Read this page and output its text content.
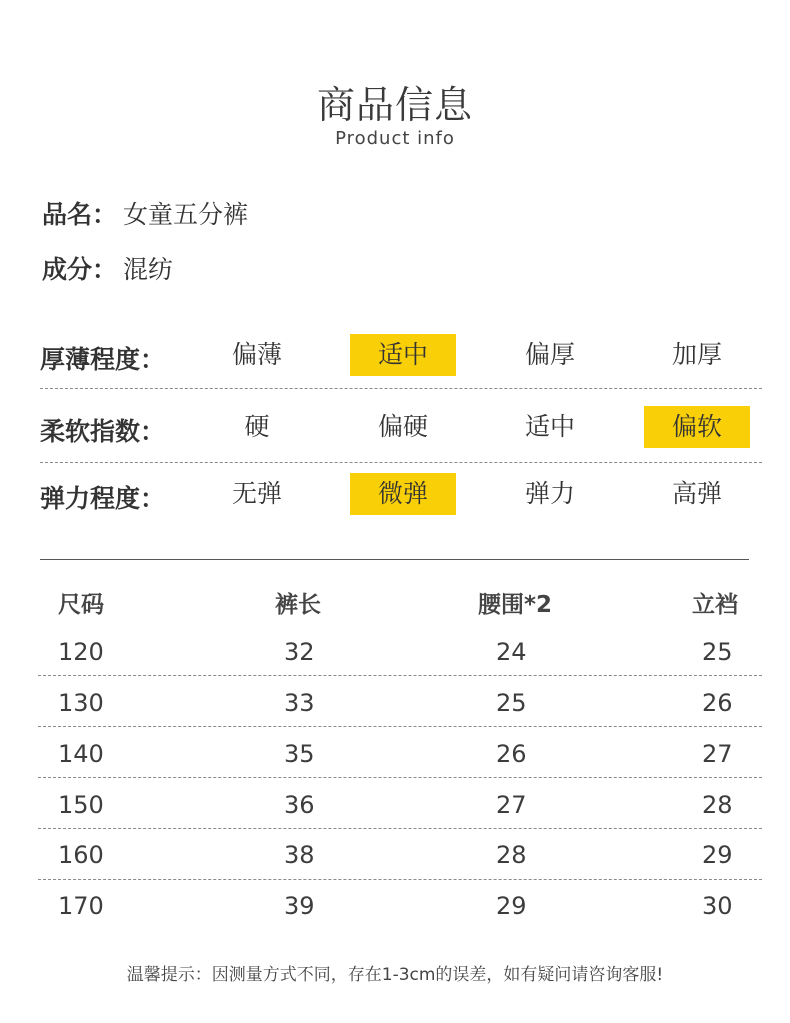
商品信息
Product info
品名： 女童五分裤
成分： 混纺
厚薄程度：	偏薄	适中	偏厚	加厚
柔软指数：	硬	偏硬	适中	偏软
弹力程度：	无弹	微弹	弹力	高弹
尺码	裤长	腰围*2	立裆
120	32	24	25
130	33	25	26
140	35	26	27
150	36	27	28
160	38	28	29
170	39	29	30
温馨提示：因测量方式不同，存在1-3cm的误差，如有疑问请咨询客服!
